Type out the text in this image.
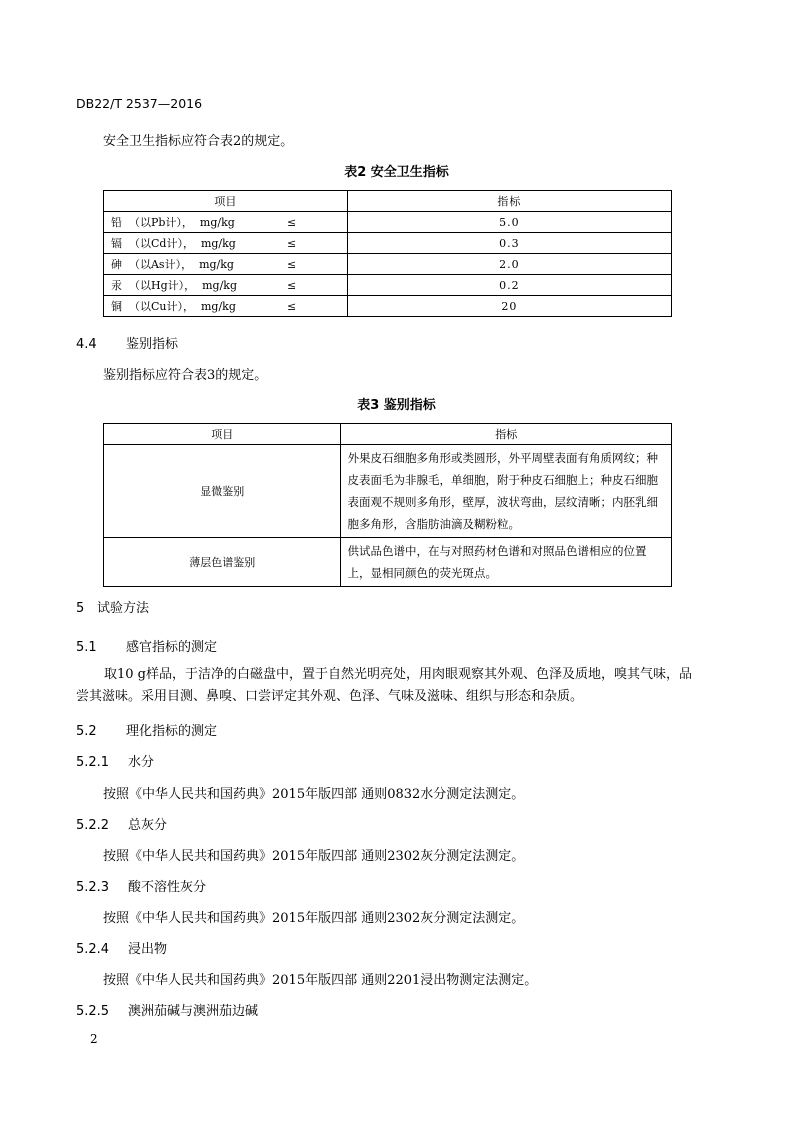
DB22/T 2537—2016
安全卫生指标应符合表2的规定。
表2 安全卫生指标
项目	指标

铅  （以Pb计），  mg/kg ≤	5.0

镉  （以Cd计），  mg/kg ≤	0.3

砷  （以As计），  mg/kg ≤	2.0

汞  （以Hg计），  mg/kg ≤	0.2

铜  （以Cu计），  mg/kg ≤	20
4.4 鉴别指标
鉴别指标应符合表3的规定。
表3 鉴别指标
项目	指标
显微鉴别	外果皮石细胞多角形或类圆形，外平周壁表面有角质网纹；种皮表面毛为非腺毛，单细胞，附于种皮石细胞上；种皮石细胞表面观不规则多角形，壁厚，波状弯曲，层纹清晰；内胚乳细胞多角形，含脂肪油滴及糊粉粒。
薄层色谱鉴别	供试品色谱中，在与对照药材色谱和对照品色谱相应的位置上，显相同颜色的荧光斑点。
5 试验方法
5.1 感官指标的测定
取10 g样品，于洁净的白磁盘中，置于自然光明亮处，用肉眼观察其外观、色泽及质地，嗅其气味，品尝其滋味。采用目测、鼻嗅、口尝评定其外观、色泽、气味及滋味、组织与形态和杂质。
5.2 理化指标的测定
5.2.1 水分
按照《中华人民共和国药典》2015年版四部 通则0832水分测定法测定。
5.2.2 总灰分
按照《中华人民共和国药典》2015年版四部 通则2302灰分测定法测定。
5.2.3 酸不溶性灰分
按照《中华人民共和国药典》2015年版四部 通则2302灰分测定法测定。
5.2.4 浸出物
按照《中华人民共和国药典》2015年版四部 通则2201浸出物测定法测定。
5.2.5 澳洲茄碱与澳洲茄边碱
2
